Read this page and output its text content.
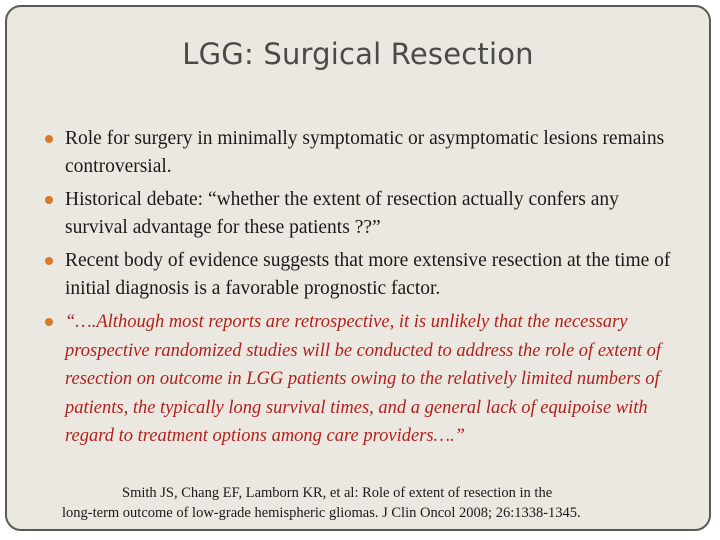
LGG: Surgical Resection
Role for surgery in minimally symptomatic or asymptomatic lesions remains controversial.
Historical debate: “whether the extent of resection actually confers any survival advantage for these patients ??”
Recent body of evidence suggests that more extensive resection at the time of initial diagnosis is a favorable prognostic factor.
“….Although most reports are retrospective, it is unlikely that the necessary prospective randomized studies will be conducted to address the role of extent of resection on outcome in LGG patients owing to the relatively limited numbers of patients, the typically long survival times, and a general lack of equipoise with regard to treatment options among care providers….”
Smith JS, Chang EF, Lamborn KR, et al: Role of extent of resection in the
long-term outcome of low-grade hemispheric gliomas. J Clin Oncol 2008; 26:1338-1345.
